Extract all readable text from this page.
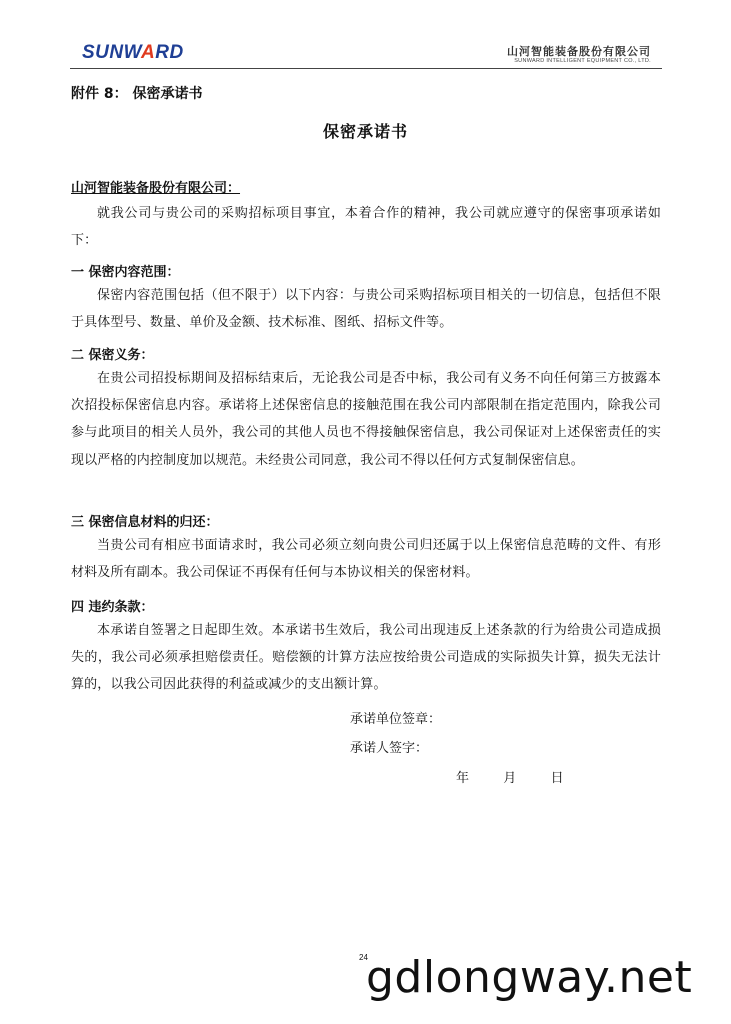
SUNWARD	山河智能装备股份有限公司
SUNWARD INTELLIGENT EQUIPMENT CO., LTD.
附件 8： 保密承诺书
保密承诺书
山河智能装备股份有限公司：
就我公司与贵公司的采购招标项目事宜，本着合作的精神，我公司就应遵守的保密事项承诺如下：
一 保密内容范围：
保密内容范围包括（但不限于）以下内容：与贵公司采购招标项目相关的一切信息，包括但不限于具体型号、数量、单价及金额、技术标准、图纸、招标文件等。
二 保密义务：
在贵公司招投标期间及招标结束后，无论我公司是否中标，我公司有义务不向任何第三方披露本次招投标保密信息内容。承诺将上述保密信息的接触范围在我公司内部限制在指定范围内，除我公司参与此项目的相关人员外，我公司的其他人员也不得接触保密信息，我公司保证对上述保密责任的实现以严格的内控制度加以规范。未经贵公司同意，我公司不得以任何方式复制保密信息。
三 保密信息材料的归还：
当贵公司有相应书面请求时，我公司必须立刻向贵公司归还属于以上保密信息范畴的文件、有形材料及所有副本。我公司保证不再保有任何与本协议相关的保密材料。
四 违约条款：
本承诺自签署之日起即生效。本承诺书生效后，我公司出现违反上述条款的行为给贵公司造成损失的，我公司必须承担赔偿责任。赔偿额的计算方法应按给贵公司造成的实际损失计算，损失无法计算的，以我公司因此获得的利益或减少的支出额计算。
承诺单位签章：
承诺人签字：
年	月	日
24
gdlongway.net
